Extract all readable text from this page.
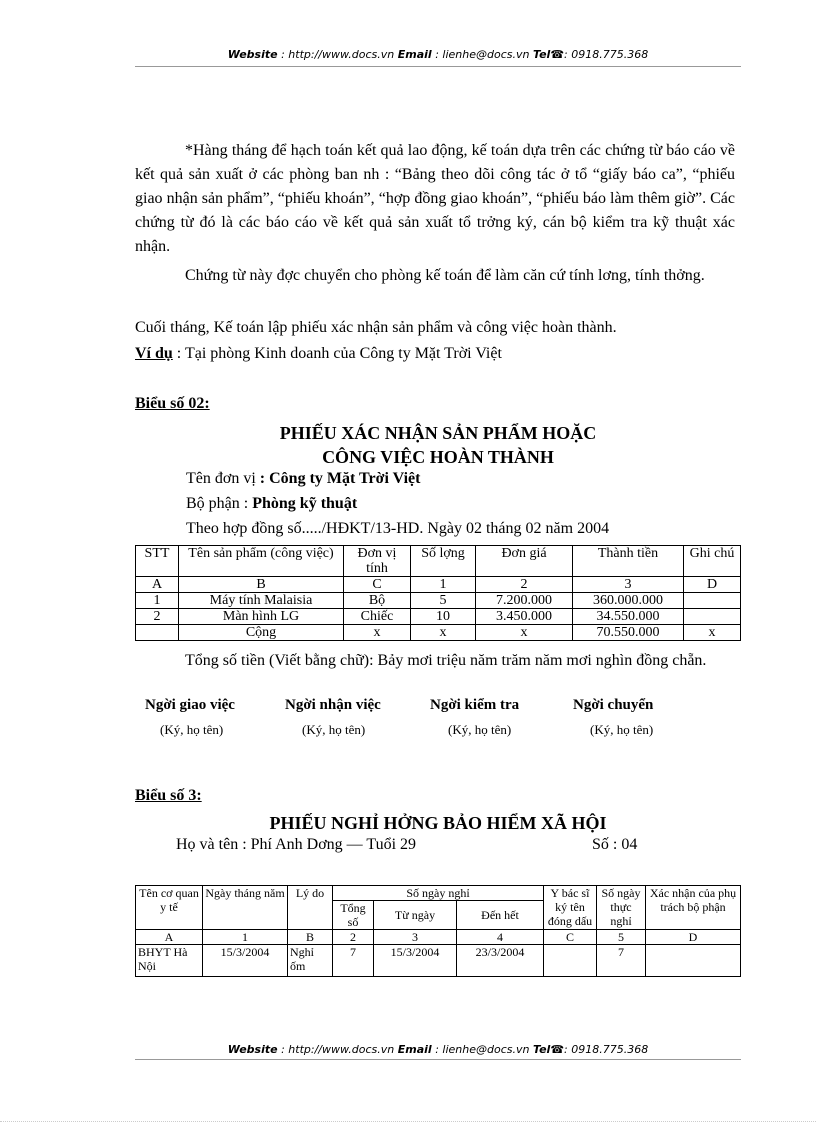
Website : http://www.docs.vn Email : lienhe@docs.vn Tel☎: 0918.775.368
*Hàng tháng để hạch toán kết quả lao động, kế toán dựa trên các chứng từ báo cáo về kết quả sản xuất ở các phòng ban nh : “Bảng theo dõi công tác ở tổ “giấy báo ca”, “phiếu giao nhận sản phẩm”, “phiếu khoán”, “hợp đồng giao khoán”, “phiếu báo làm thêm giờ”. Các chứng từ đó là các báo cáo về kết quả sản xuất tổ trởng ký, cán bộ kiểm tra kỹ thuật xác nhận.
Chứng từ này đợc chuyển cho phòng kế toán để làm căn cứ tính lơng, tính thởng.
Cuối tháng, Kế toán lập phiếu xác nhận sản phẩm và công việc hoàn thành.
Ví dụ : Tại phòng Kinh doanh của Công ty Mặt Trời Việt
Biểu số 02:
PHIẾU XÁC NHẬN SẢN PHẨM HOẶC
CÔNG VIỆC HOÀN THÀNH
Tên đơn vị : Công ty Mặt Trời Việt
Bộ phận : Phòng kỹ thuật
Theo hợp đồng số...../HĐKT/13-HD. Ngày 02 tháng 02 năm 2004
STT	Tên sản phẩm (công việc)	Đơn vị tính	Số lợng	Đơn giá	Thành tiền	Ghi chú
A	B	C	1	2	3	D
1	Máy tính Malaisia	Bộ	5	7.200.000	360.000.000	
2	Màn hình LG	Chiếc	10	3.450.000	34.550.000	
	Cộng	x	x	x	70.550.000	x
Tổng số tiền (Viết bằng chữ): Bảy mơi triệu năm trăm năm mơi nghìn đồng chẵn.
Ngời giao việc	Ngời nhận việc	Ngời kiểm tra	Ngời chuyển
(Ký, họ tên)	(Ký, họ tên)	(Ký, họ tên)	(Ký, họ tên)
Biểu số 3:
PHIẾU NGHỈ HỞNG BẢO HIỂM XÃ HỘI
Họ và tên : Phí Anh Dơng — Tuổi 29	Số : 04
Tên cơ quan y tế	Ngày tháng năm	Lý do	Số ngày nghỉ			Y bác sĩ ký tên đóng dấu	Số ngày thực nghỉ	Xác nhận của phụ trách bộ phận
			Tổng số	Từ ngày	Đến hết			
A	1	B	2	3	4	C	5	D
BHYT Hà Nội	15/3/2004	Nghỉ ốm	7	15/3/2004	23/3/2004		7	
Website : http://www.docs.vn Email : lienhe@docs.vn Tel☎: 0918.775.368
